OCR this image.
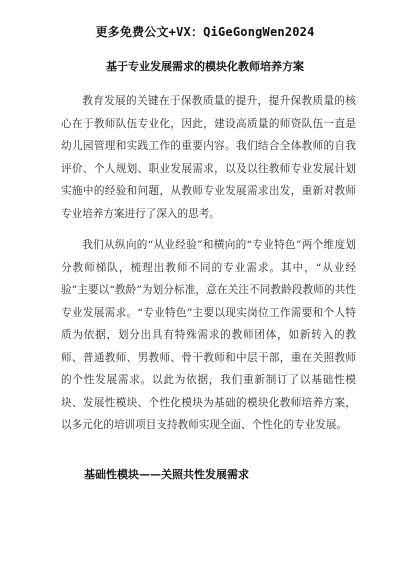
更多免费公文+VX：QiGeGongWen2024
基于专业发展需求的模块化教师培养方案

教育发展的关键在于保教质量的提升，提升保教质量的核心在于教师队伍专业化，因此，建设高质量的师资队伍一直是幼儿园管理和实践工作的重要内容。我们结合全体教师的自我评价、个人规划、职业发展需求，以及以往教师专业发展计划实施中的经验和问题，从教师专业发展需求出发，重新对教师专业培养方案进行了深入的思考。

我们从纵向的“从业经验”和横向的“专业特色”两个维度划分教师梯队，梳理出教师不同的专业需求。其中，“从业经验”主要以“教龄”为划分标准，意在关注不同教龄段教师的共性专业发展需求。“专业特色”主要以现实岗位工作需要和个人特质为依据，划分出具有特殊需求的教师团体，如新转入的教师、普通教师、男教师、骨干教师和中层干部，重在关照教师的个性发展需求。以此为依据，我们重新制订了以基础性模块、发展性模块、个性化模块为基础的模块化教师培养方案，以多元化的培训项目支持教师实现全面、个性化的专业发展。

基础性模块——关照共性发展需求
